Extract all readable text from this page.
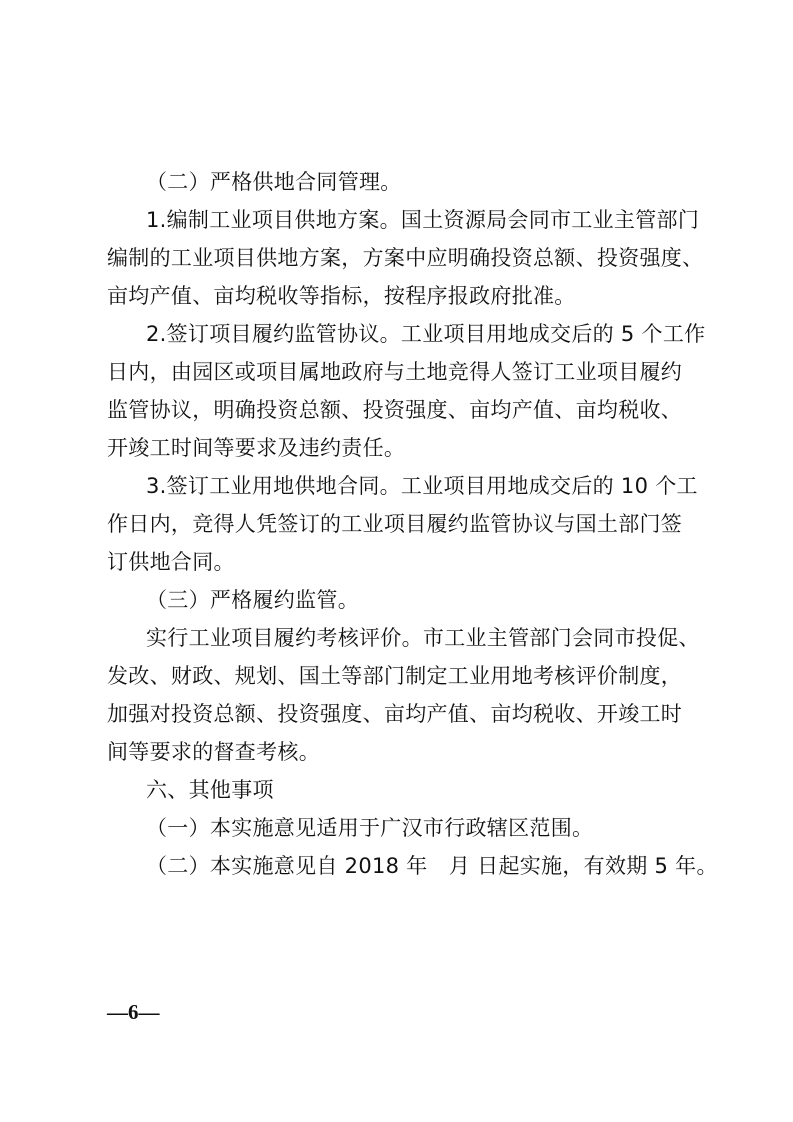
（二）严格供地合同管理。
1.编制工业项目供地方案。国土资源局会同市工业主管部门
编制的工业项目供地方案，方案中应明确投资总额、投资强度、
亩均产值、亩均税收等指标，按程序报政府批准。
2.签订项目履约监管协议。工业项目用地成交后的 5 个工作
日内，由园区或项目属地政府与土地竞得人签订工业项目履约
监管协议，明确投资总额、投资强度、亩均产值、亩均税收、
开竣工时间等要求及违约责任。
3.签订工业用地供地合同。工业项目用地成交后的 10 个工
作日内，竞得人凭签订的工业项目履约监管协议与国土部门签
订供地合同。
（三）严格履约监管。
实行工业项目履约考核评价。市工业主管部门会同市投促、
发改、财政、规划、国土等部门制定工业用地考核评价制度，
加强对投资总额、投资强度、亩均产值、亩均税收、开竣工时
间等要求的督查考核。
六、其他事项
（一）本实施意见适用于广汉市行政辖区范围。
（二）本实施意见自 2018 年　月 日起实施，有效期 5 年。
—6—
